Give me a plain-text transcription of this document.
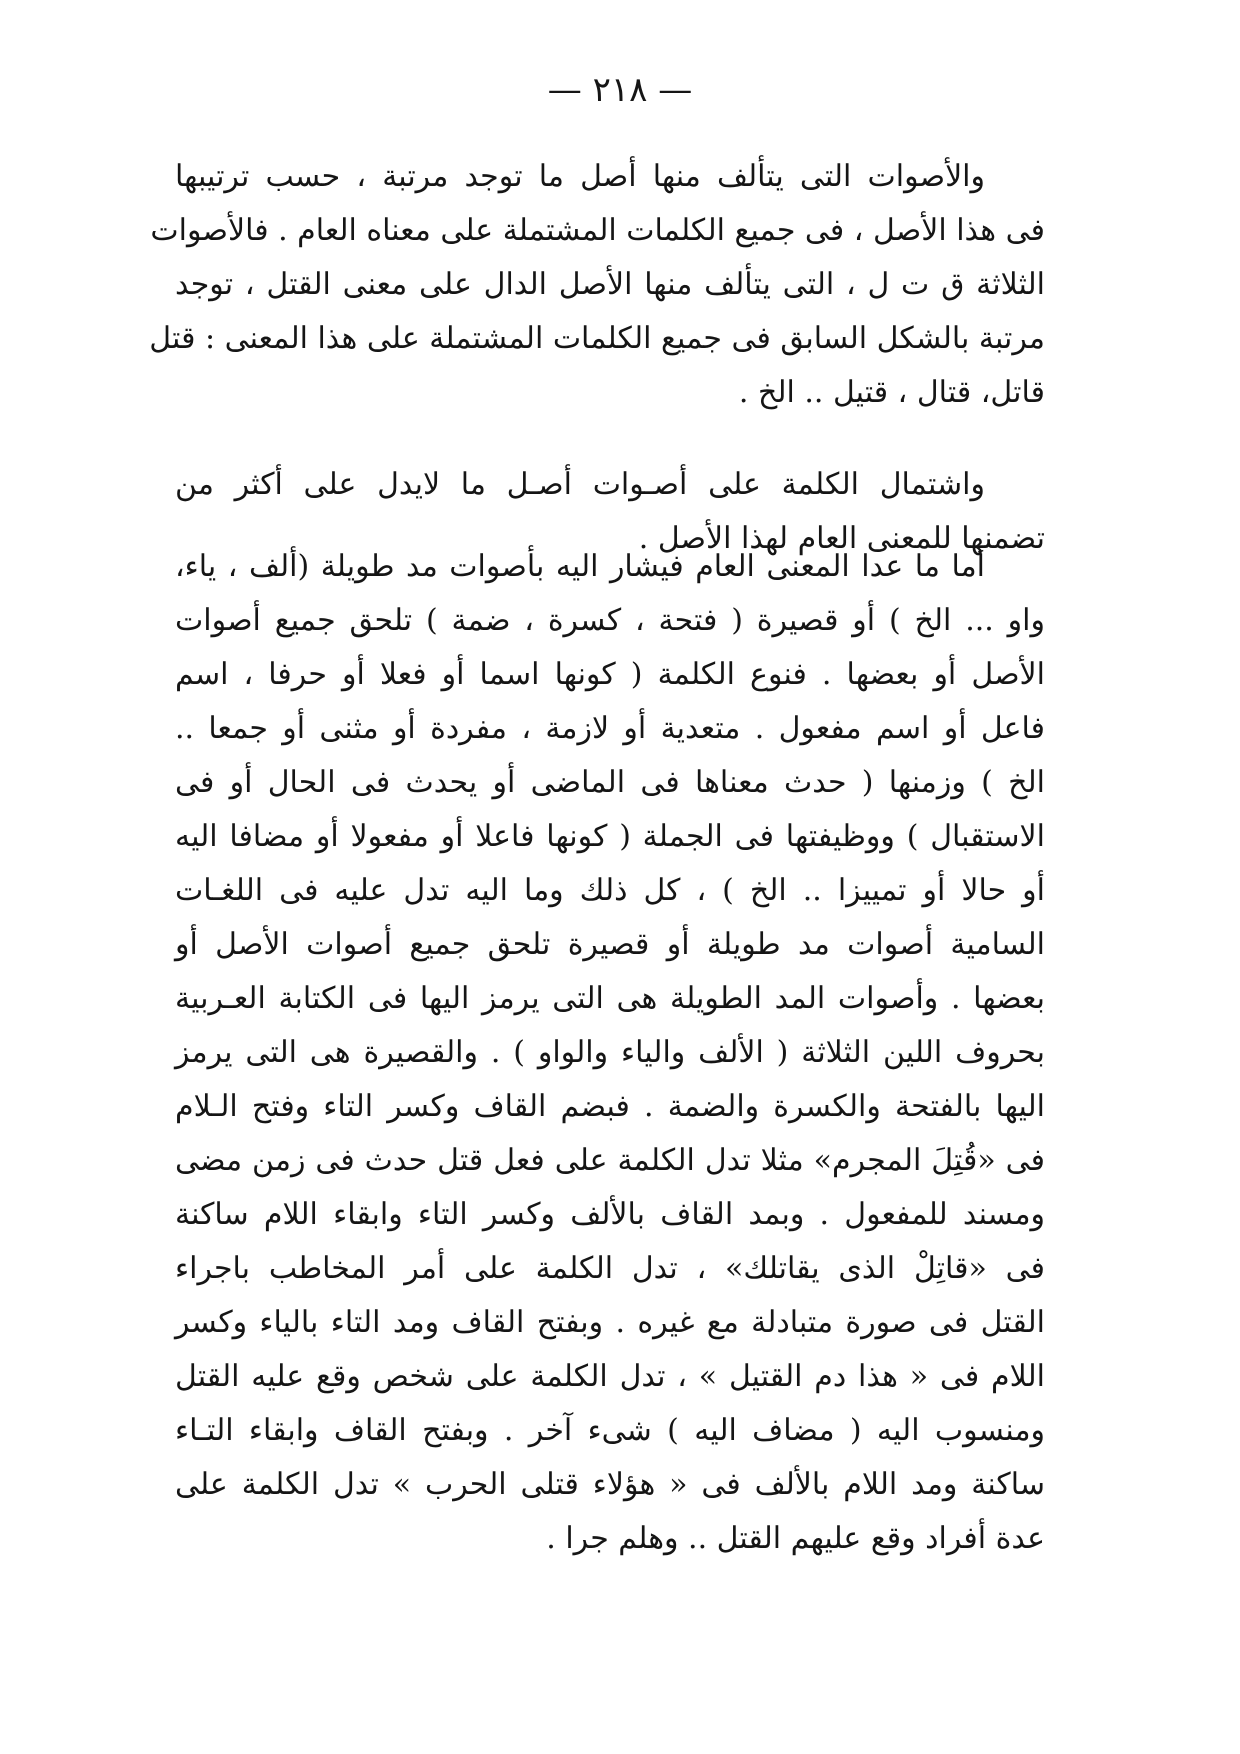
— ٢١٨ —
والأصوات التى يتألف منها أصل ما توجد مرتبة ، حسب ترتيبها
فى هذا الأصل ، فى جميع الكلمات المشتملة على معناه العام . فالأصوات
الثلاثة ق ت ل ، التى يتألف منها الأصل الدال على معنى القتل ، توجد
مرتبة بالشكل السابق فى جميع الكلمات المشتملة على هذا المعنى : قتل
قاتل، قتال ، قتيل .. الخ .
واشتمال الكلمة على أصـوات أصـل ما لايدل على أكثر من
تضمنها للمعنى العام لهذا الأصل .
أما ما عدا المعنى العام فيشار اليه بأصوات مد طويلة (ألف ، ياء،
واو ... الخ ) أو قصيرة ( فتحة ، كسرة ، ضمة ) تلحق جميع أصوات
الأصل أو بعضها . فنوع الكلمة ( كونها اسما أو فعلا أو حرفا ، اسم
فاعل أو اسم مفعول . متعدية أو لازمة ، مفردة أو مثنى أو جمعا ..
الخ ) وزمنها ( حدث معناها فى الماضى أو يحدث فى الحال أو فى
الاستقبال ) ووظيفتها فى الجملة ( كونها فاعلا أو مفعولا أو مضافا اليه
أو حالا أو تمييزا .. الخ ) ، كل ذلك وما اليه تدل عليه فى اللغـات
السامية أصوات مد طويلة أو قصيرة تلحق جميع أصوات الأصل أو
بعضها . وأصوات المد الطويلة هى التى يرمز اليها فى الكتابة العـربية
بحروف اللين الثلاثة ( الألف والياء والواو ) . والقصيرة هى التى يرمز
اليها بالفتحة والكسرة والضمة . فبضم القاف وكسر التاء وفتح الـلام
فى «قُتِلَ المجرم» مثلا تدل الكلمة على فعل قتل حدث فى زمن مضى
ومسند للمفعول . وبمد القاف بالألف وكسر التاء وابقاء اللام ساكنة
فى «قاتِلْ الذى يقاتلك» ، تدل الكلمة على أمر المخاطب باجراء
القتل فى صورة متبادلة مع غيره . وبفتح القاف ومد التاء بالياء وكسر
اللام فى « هذا دم القتيل » ، تدل الكلمة على شخص وقع عليه القتل
ومنسوب اليه ( مضاف اليه ) شىء آخر . وبفتح القاف وابقاء التـاء
ساكنة ومد اللام بالألف فى « هؤلاء قتلى الحرب » تدل الكلمة على
عدة أفراد وقع عليهم القتل .. وهلم جرا .
